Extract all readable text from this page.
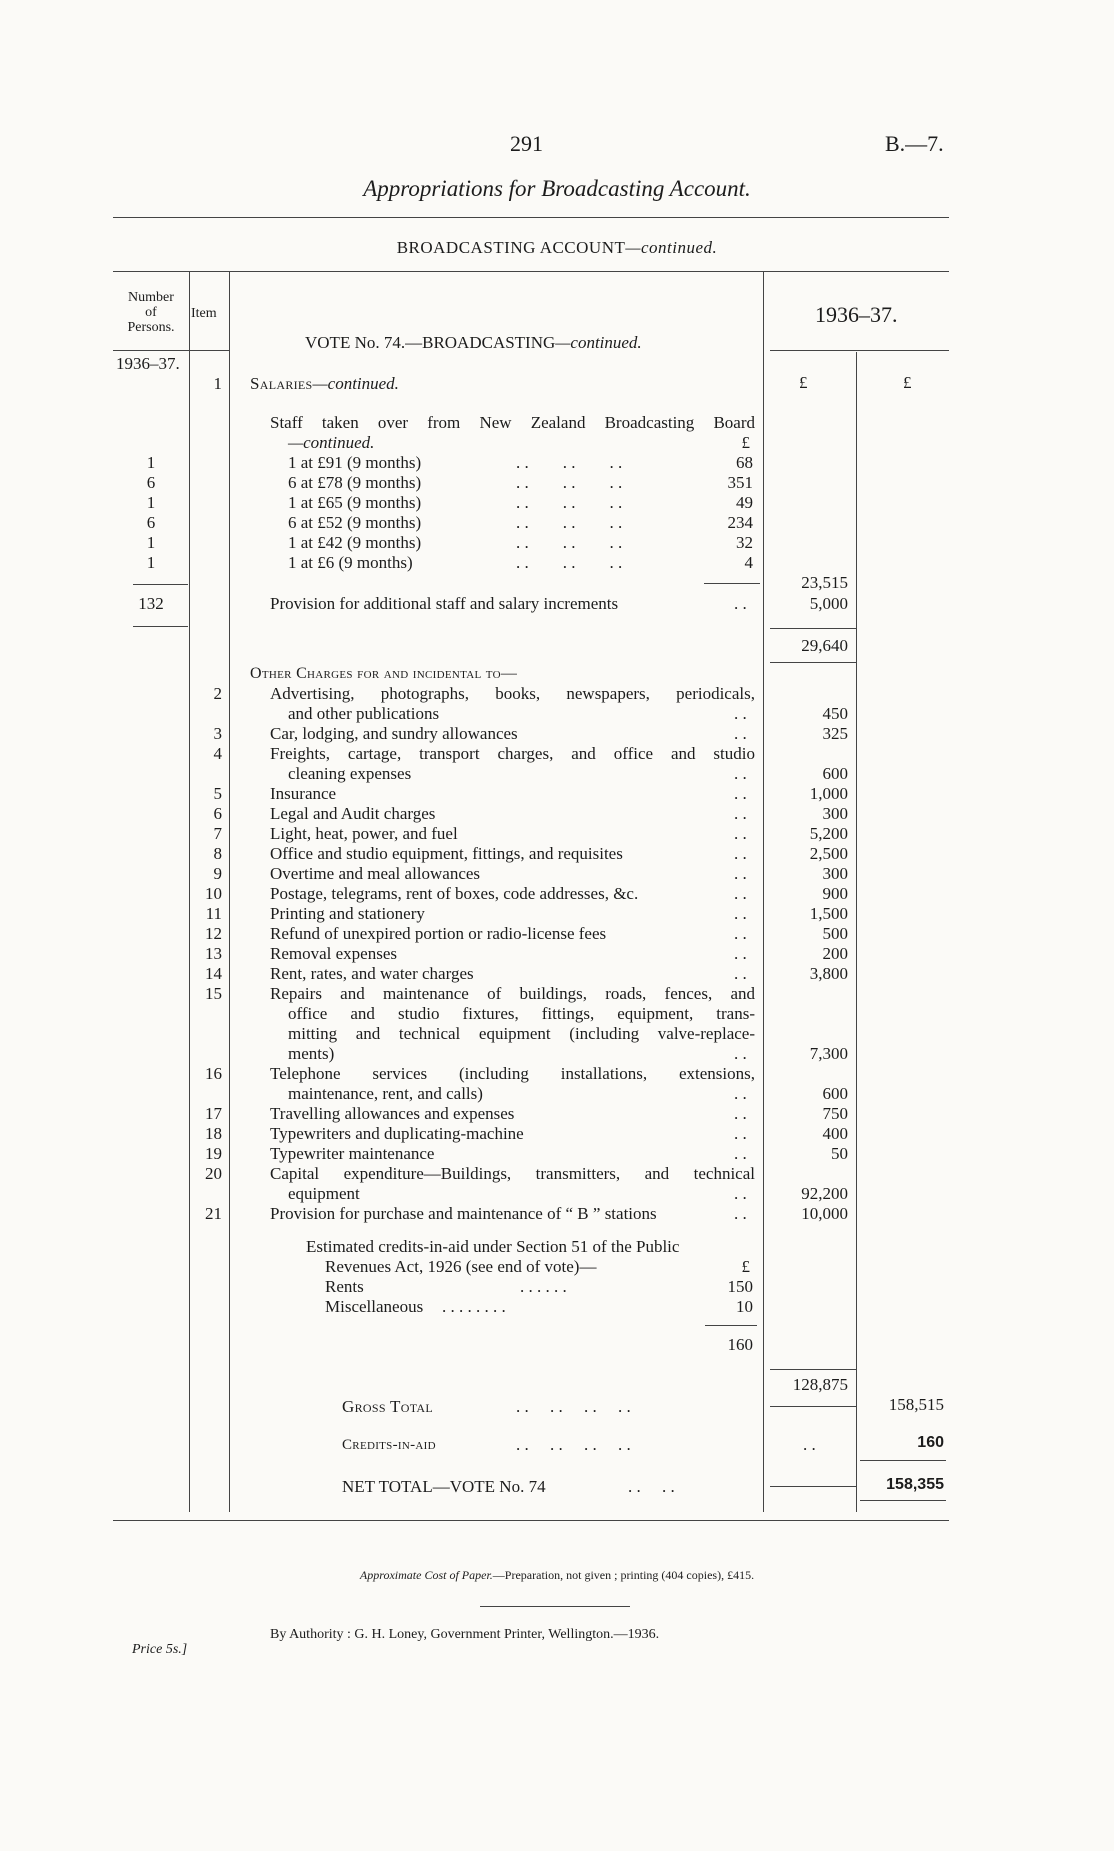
291	B.—7.
Appropriations for Broadcasting Account.
BROADCASTING ACCOUNT—continued.
Number
of
Persons.
Item	1936–37.
1936–37.
VOTE No. 74.—BROADCASTING—continued.
£	£
1 Salaries—continued.
Staff taken over from New Zealand Broadcasting Board
—continued.	£
1	1 at £91 (9 months)	. .        . .        . .	68
6	6 at £78 (9 months)	. .        . .        . .	351
1	1 at £65 (9 months)	. .        . .        . .	49
6	6 at £52 (9 months)	. .        . .        . .	234
1	1 at £42 (9 months)	. .        . .        . .	32
1	1 at £6 (9 months)	. .        . .        . .	4
23,515
132	Provision for additional staff and salary increments	. .	5,000
29,640
Other Charges for and incidental to—
2	Advertising, photographs, books, newspapers, periodicals,
and other publications	. .	450
3	Car, lodging, and sundry allowances	. .	325
4	Freights, cartage, transport charges, and office and studio
cleaning expenses	. .	600
5	Insurance	. .	1,000
6	Legal and Audit charges	. .	300
7	Light, heat, power, and fuel	. .	5,200
8	Office and studio equipment, fittings, and requisites	. .	2,500
9	Overtime and meal allowances	. .	300
10	Postage, telegrams, rent of boxes, code addresses, &c.	. .	900
11	Printing and stationery	. .	1,500
12	Refund of unexpired portion or radio-license fees	. .	500
13	Removal expenses	. .	200
14	Rent, rates, and water charges	. .	3,800
15	Repairs and maintenance of buildings, roads, fences, and
office and studio fixtures, fittings, equipment, trans-
mitting and technical equipment (including valve-replace-
ments)	. .	7,300
16	Telephone services (including installations, extensions,
maintenance, rent, and calls)	. .	600
17	Travelling allowances and expenses	. .	750
18	Typewriters and duplicating-machine	. .	400
19	Typewriter maintenance	. .	50
20	Capital expenditure—Buildings, transmitters, and technical
equipment	. .	92,200
21	Provision for purchase and maintenance of “ B ” stations	. .	10,000
Estimated credits-in-aid under Section 51 of the Public
Revenues Act, 1926 (see end of vote)—	£
Rents	. . . . . .	150
Miscellaneous . . . . . . . .	10
160
128,875
Gross Total	. .     . .     . .     . .	158,515
Credits-in-aid	. .     . .     . .     . .	. .	160
NET TOTAL—VOTE No. 74	. .     . .	158,355
Approximate Cost of Paper.—Preparation, not given ; printing (404 copies), £415.
Price 5s.]
By Authority : G. H. Loney, Government Printer, Wellington.—1936.
